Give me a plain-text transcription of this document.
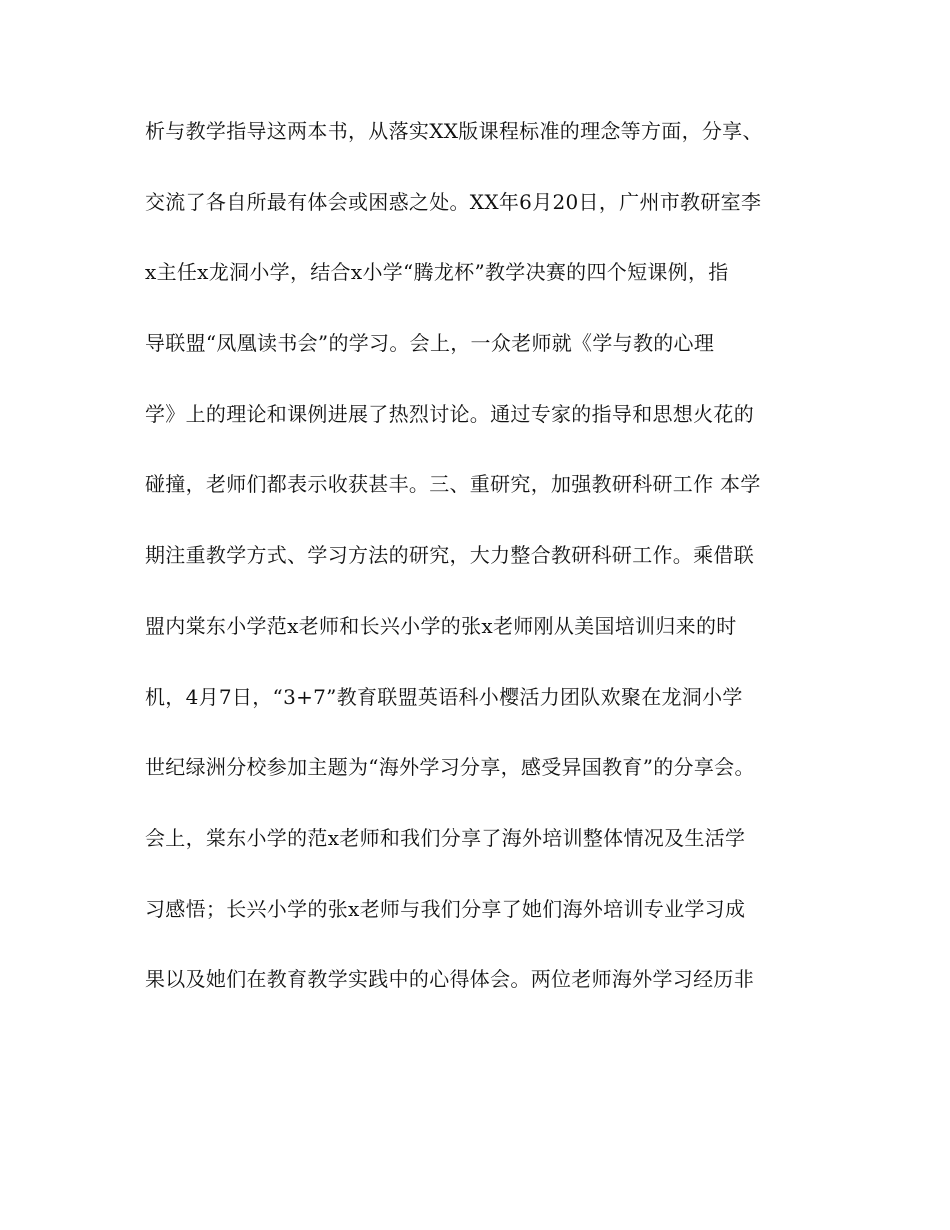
析与教学指导这两本书，从落实XX版课程标准的理念等方面，分享、
交流了各自所最有体会或困惑之处。XX年6月20日，广州市教研室李
x主任x龙洞小学，结合x小学“腾龙杯”教学决赛的四个短课例，指
导联盟“凤凰读书会”的学习。会上，一众老师就《学与教的心理
学》上的理论和课例进展了热烈讨论。通过专家的指导和思想火花的
碰撞，老师们都表示收获甚丰。三、重研究，加强教研科研工作 本学
期注重教学方式、学习方法的研究，大力整合教研科研工作。乘借联
盟内棠东小学范x老师和长兴小学的张x老师刚从美国培训归来的时
机，4月7日，“3+7”教育联盟英语科小樱活力团队欢聚在龙洞小学
世纪绿洲分校参加主题为“海外学习分享，感受异国教育”的分享会。
会上，棠东小学的范x老师和我们分享了海外培训整体情况及生活学
习感悟；长兴小学的张x老师与我们分享了她们海外培训专业学习成
果以及她们在教育教学实践中的心得体会。两位老师海外学习经历非
